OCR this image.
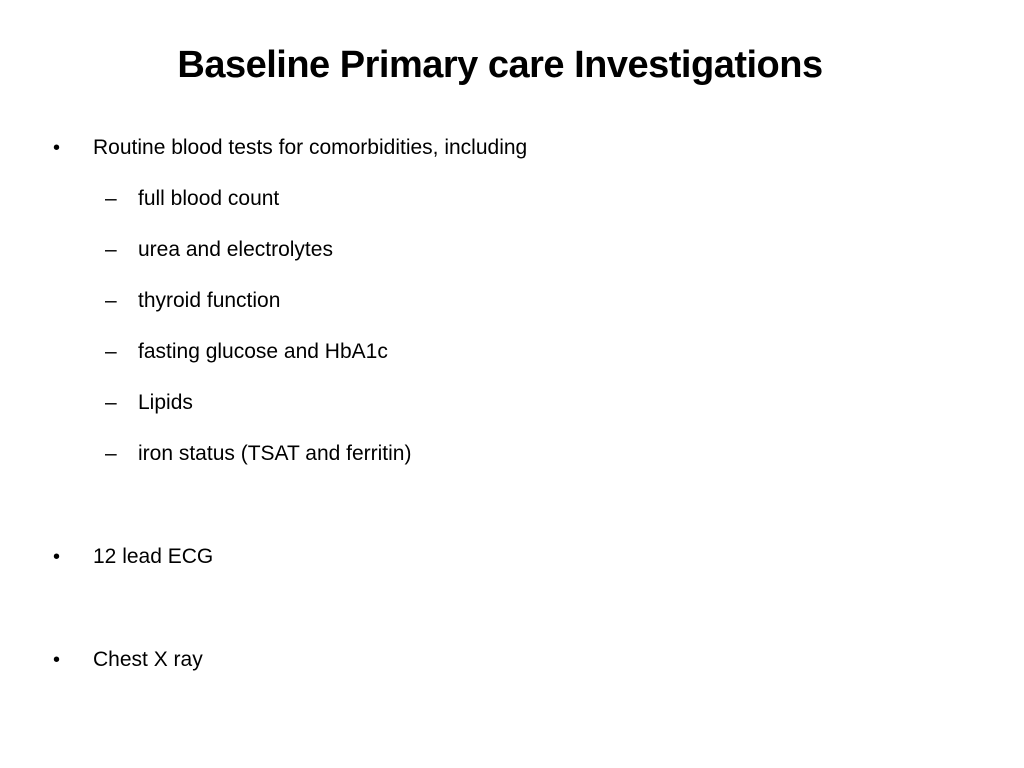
Baseline Primary care Investigations
• Routine blood tests for comorbidities, including
– full blood count
– urea and electrolytes
– thyroid function
– fasting glucose and HbA1c
– Lipids
– iron status (TSAT and ferritin)
• 12 lead ECG
• Chest X ray
